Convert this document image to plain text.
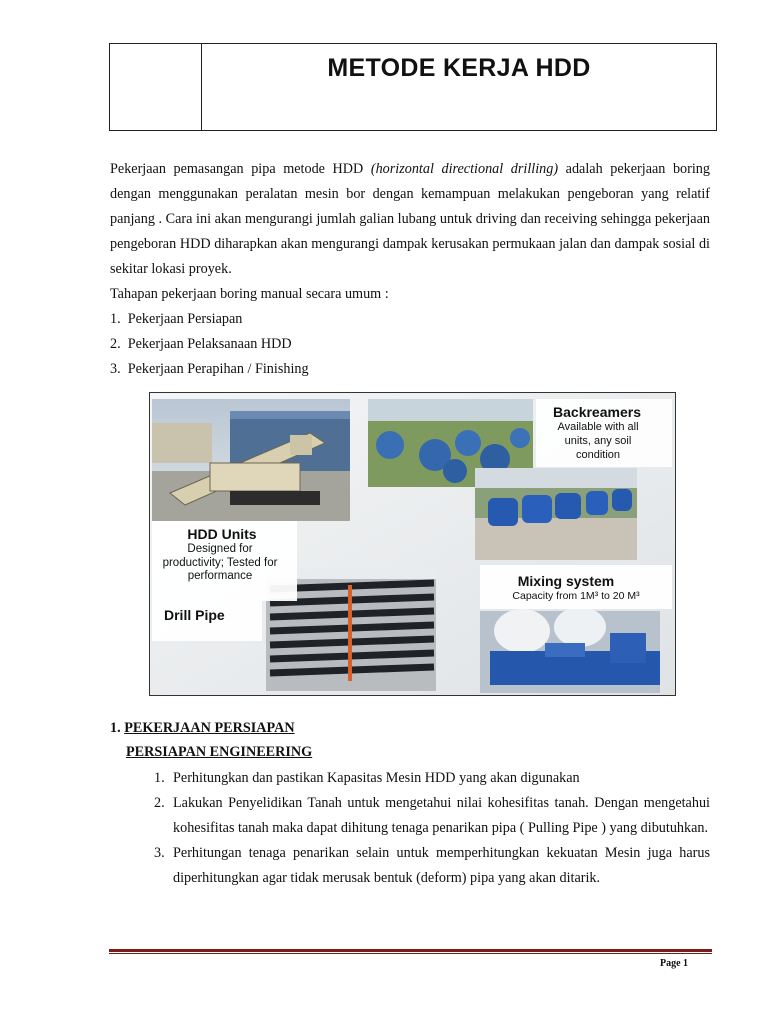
METODE KERJA HDD

Pekerjaan pemasangan pipa metode HDD (horizontal directional drilling) adalah pekerjaan boring dengan menggunakan peralatan mesin bor dengan kemampuan melakukan pengeboran yang relatif panjang . Cara ini akan mengurangi jumlah galian lubang untuk driving dan receiving sehingga pekerjaan pengeboran HDD diharapkan akan mengurangi dampak kerusakan permukaan jalan dan dampak sosial di sekitar lokasi proyek.

Tahapan pekerjaan boring manual secara umum :

1. Pekerjaan Persiapan
2. Pekerjaan Pelaksanaan HDD
3. Pekerjaan Perapihan / Finishing
HDD Units
Designed for
productivity; Tested for
performance
Drill Pipe
Backreamers
Available with all
units, any soil
condition
Mixing system
Capacity from 1M³ to 20 M³

1. PEKERJAAN PERSIAPAN

PERSIAPAN ENGINEERING

1. Perhitungkan dan pastikan Kapasitas Mesin HDD yang akan digunakan
2. Lakukan Penyelidikan Tanah untuk mengetahui nilai kohesifitas tanah. Dengan mengetahui kohesifitas tanah maka dapat dihitung tenaga penarikan pipa ( Pulling Pipe ) yang dibutuhkan.
3. Perhitungan tenaga penarikan selain untuk memperhitungkan kekuatan Mesin juga harus diperhitungkan agar tidak merusak bentuk (deform) pipa yang akan ditarik.
Page 1
